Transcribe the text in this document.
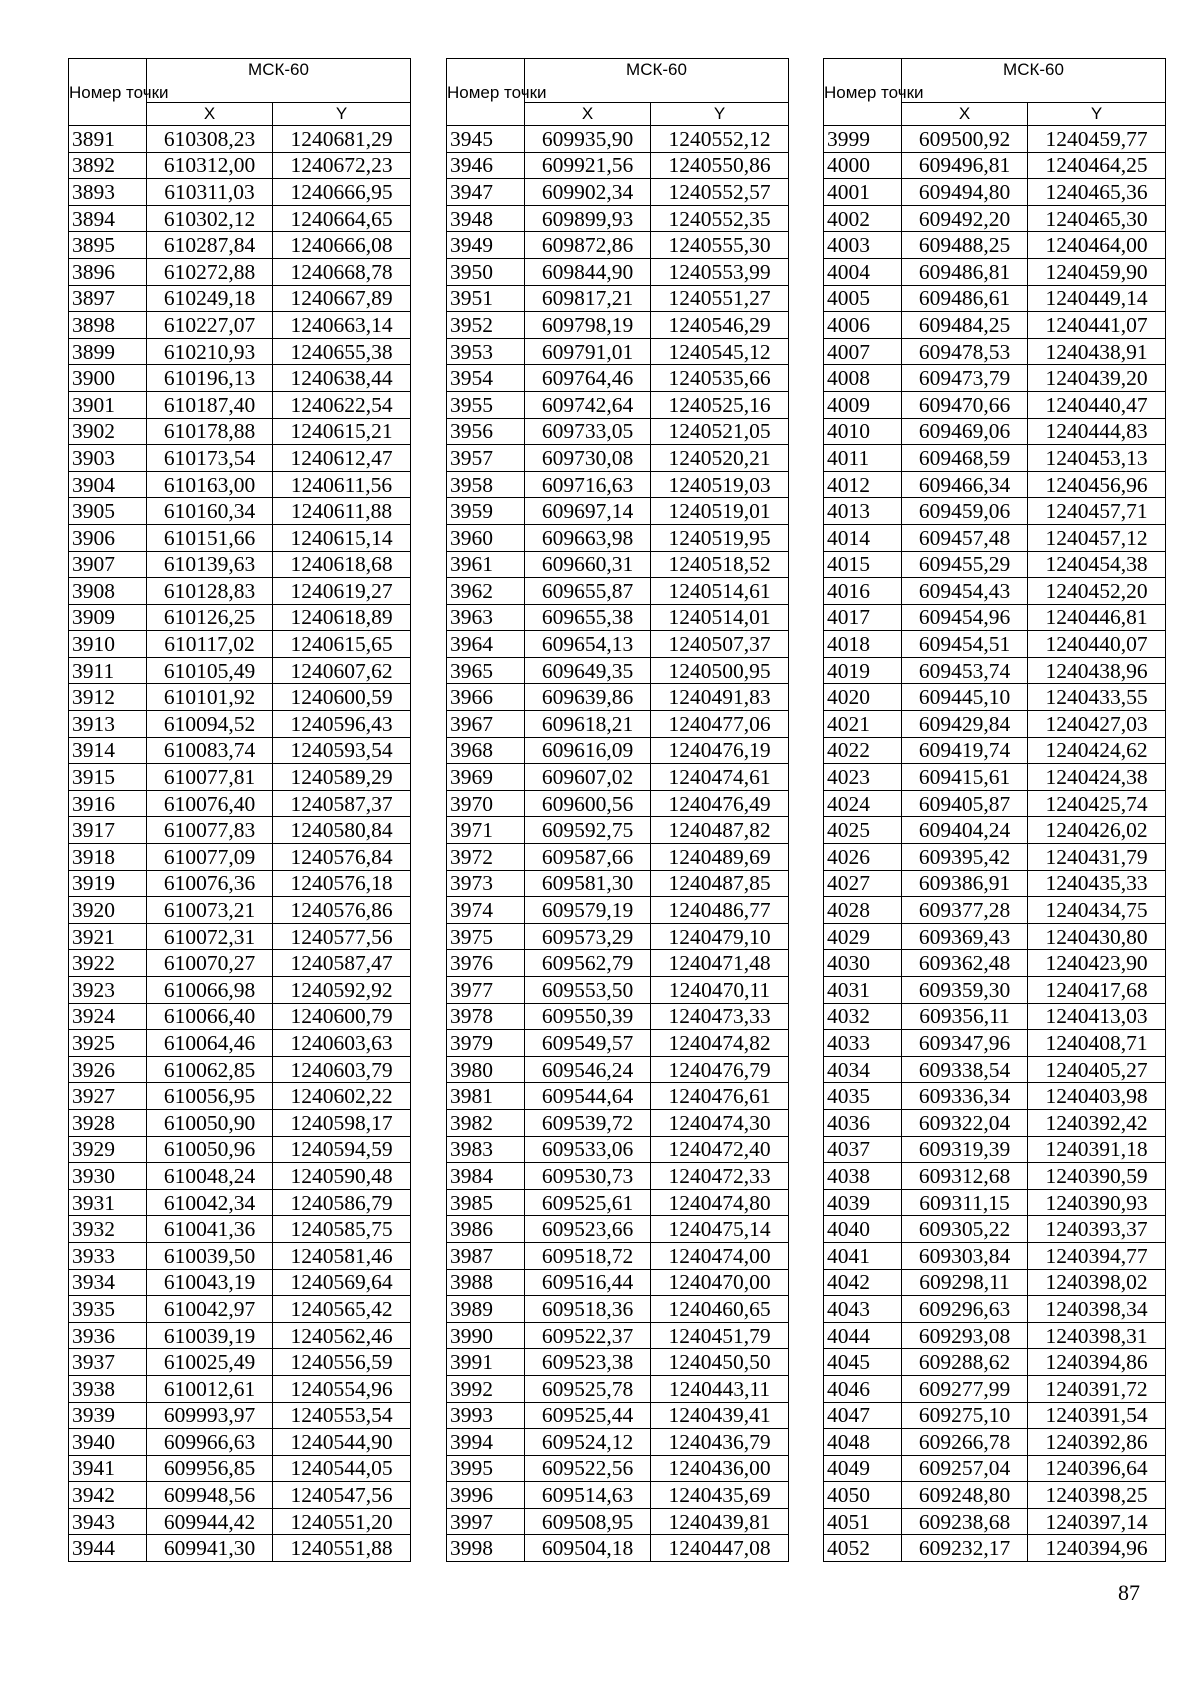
Номер точки	МСК-60	
	X	Y
3891	610308,23	1240681,29
3892	610312,00	1240672,23
3893	610311,03	1240666,95
3894	610302,12	1240664,65
3895	610287,84	1240666,08
3896	610272,88	1240668,78
3897	610249,18	1240667,89
3898	610227,07	1240663,14
3899	610210,93	1240655,38
3900	610196,13	1240638,44
3901	610187,40	1240622,54
3902	610178,88	1240615,21
3903	610173,54	1240612,47
3904	610163,00	1240611,56
3905	610160,34	1240611,88
3906	610151,66	1240615,14
3907	610139,63	1240618,68
3908	610128,83	1240619,27
3909	610126,25	1240618,89
3910	610117,02	1240615,65
3911	610105,49	1240607,62
3912	610101,92	1240600,59
3913	610094,52	1240596,43
3914	610083,74	1240593,54
3915	610077,81	1240589,29
3916	610076,40	1240587,37
3917	610077,83	1240580,84
3918	610077,09	1240576,84
3919	610076,36	1240576,18
3920	610073,21	1240576,86
3921	610072,31	1240577,56
3922	610070,27	1240587,47
3923	610066,98	1240592,92
3924	610066,40	1240600,79
3925	610064,46	1240603,63
3926	610062,85	1240603,79
3927	610056,95	1240602,22
3928	610050,90	1240598,17
3929	610050,96	1240594,59
3930	610048,24	1240590,48
3931	610042,34	1240586,79
3932	610041,36	1240585,75
3933	610039,50	1240581,46
3934	610043,19	1240569,64
3935	610042,97	1240565,42
3936	610039,19	1240562,46
3937	610025,49	1240556,59
3938	610012,61	1240554,96
3939	609993,97	1240553,54
3940	609966,63	1240544,90
3941	609956,85	1240544,05
3942	609948,56	1240547,56
3943	609944,42	1240551,20
3944	609941,30	1240551,88
Номер точки	МСК-60	
	X	Y
3945	609935,90	1240552,12
3946	609921,56	1240550,86
3947	609902,34	1240552,57
3948	609899,93	1240552,35
3949	609872,86	1240555,30
3950	609844,90	1240553,99
3951	609817,21	1240551,27
3952	609798,19	1240546,29
3953	609791,01	1240545,12
3954	609764,46	1240535,66
3955	609742,64	1240525,16
3956	609733,05	1240521,05
3957	609730,08	1240520,21
3958	609716,63	1240519,03
3959	609697,14	1240519,01
3960	609663,98	1240519,95
3961	609660,31	1240518,52
3962	609655,87	1240514,61
3963	609655,38	1240514,01
3964	609654,13	1240507,37
3965	609649,35	1240500,95
3966	609639,86	1240491,83
3967	609618,21	1240477,06
3968	609616,09	1240476,19
3969	609607,02	1240474,61
3970	609600,56	1240476,49
3971	609592,75	1240487,82
3972	609587,66	1240489,69
3973	609581,30	1240487,85
3974	609579,19	1240486,77
3975	609573,29	1240479,10
3976	609562,79	1240471,48
3977	609553,50	1240470,11
3978	609550,39	1240473,33
3979	609549,57	1240474,82
3980	609546,24	1240476,79
3981	609544,64	1240476,61
3982	609539,72	1240474,30
3983	609533,06	1240472,40
3984	609530,73	1240472,33
3985	609525,61	1240474,80
3986	609523,66	1240475,14
3987	609518,72	1240474,00
3988	609516,44	1240470,00
3989	609518,36	1240460,65
3990	609522,37	1240451,79
3991	609523,38	1240450,50
3992	609525,78	1240443,11
3993	609525,44	1240439,41
3994	609524,12	1240436,79
3995	609522,56	1240436,00
3996	609514,63	1240435,69
3997	609508,95	1240439,81
3998	609504,18	1240447,08
Номер точки	МСК-60	
	X	Y
3999	609500,92	1240459,77
4000	609496,81	1240464,25
4001	609494,80	1240465,36
4002	609492,20	1240465,30
4003	609488,25	1240464,00
4004	609486,81	1240459,90
4005	609486,61	1240449,14
4006	609484,25	1240441,07
4007	609478,53	1240438,91
4008	609473,79	1240439,20
4009	609470,66	1240440,47
4010	609469,06	1240444,83
4011	609468,59	1240453,13
4012	609466,34	1240456,96
4013	609459,06	1240457,71
4014	609457,48	1240457,12
4015	609455,29	1240454,38
4016	609454,43	1240452,20
4017	609454,96	1240446,81
4018	609454,51	1240440,07
4019	609453,74	1240438,96
4020	609445,10	1240433,55
4021	609429,84	1240427,03
4022	609419,74	1240424,62
4023	609415,61	1240424,38
4024	609405,87	1240425,74
4025	609404,24	1240426,02
4026	609395,42	1240431,79
4027	609386,91	1240435,33
4028	609377,28	1240434,75
4029	609369,43	1240430,80
4030	609362,48	1240423,90
4031	609359,30	1240417,68
4032	609356,11	1240413,03
4033	609347,96	1240408,71
4034	609338,54	1240405,27
4035	609336,34	1240403,98
4036	609322,04	1240392,42
4037	609319,39	1240391,18
4038	609312,68	1240390,59
4039	609311,15	1240390,93
4040	609305,22	1240393,37
4041	609303,84	1240394,77
4042	609298,11	1240398,02
4043	609296,63	1240398,34
4044	609293,08	1240398,31
4045	609288,62	1240394,86
4046	609277,99	1240391,72
4047	609275,10	1240391,54
4048	609266,78	1240392,86
4049	609257,04	1240396,64
4050	609248,80	1240398,25
4051	609238,68	1240397,14
4052	609232,17	1240394,96
87
